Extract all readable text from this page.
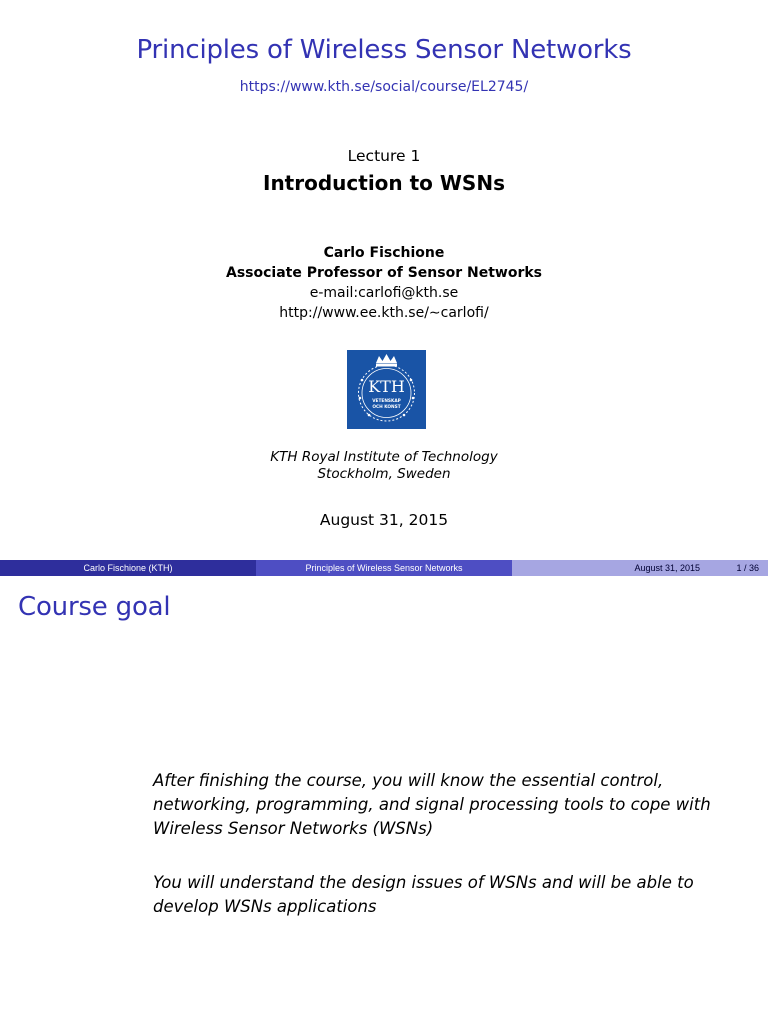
Principles of Wireless Sensor Networks
https://www.kth.se/social/course/EL2745/
Lecture 1
Introduction to WSNs
Carlo Fischione
Associate Professor of Sensor Networks
e-mail:carlofi@kth.se
http://www.ee.kth.se/∼carlofi/
KTH
VETENSKAP
OCH KONST
KTH Royal Institute of Technology
Stockholm, Sweden
August 31, 2015
Carlo Fischione (KTH)	Principles of Wireless Sensor Networks	August 31, 2015	1 / 36
Course goal
After finishing the course, you will know the essential control, networking, programming, and signal processing tools to cope with Wireless Sensor Networks (WSNs)
You will understand the design issues of WSNs and will be able to develop WSNs applications
